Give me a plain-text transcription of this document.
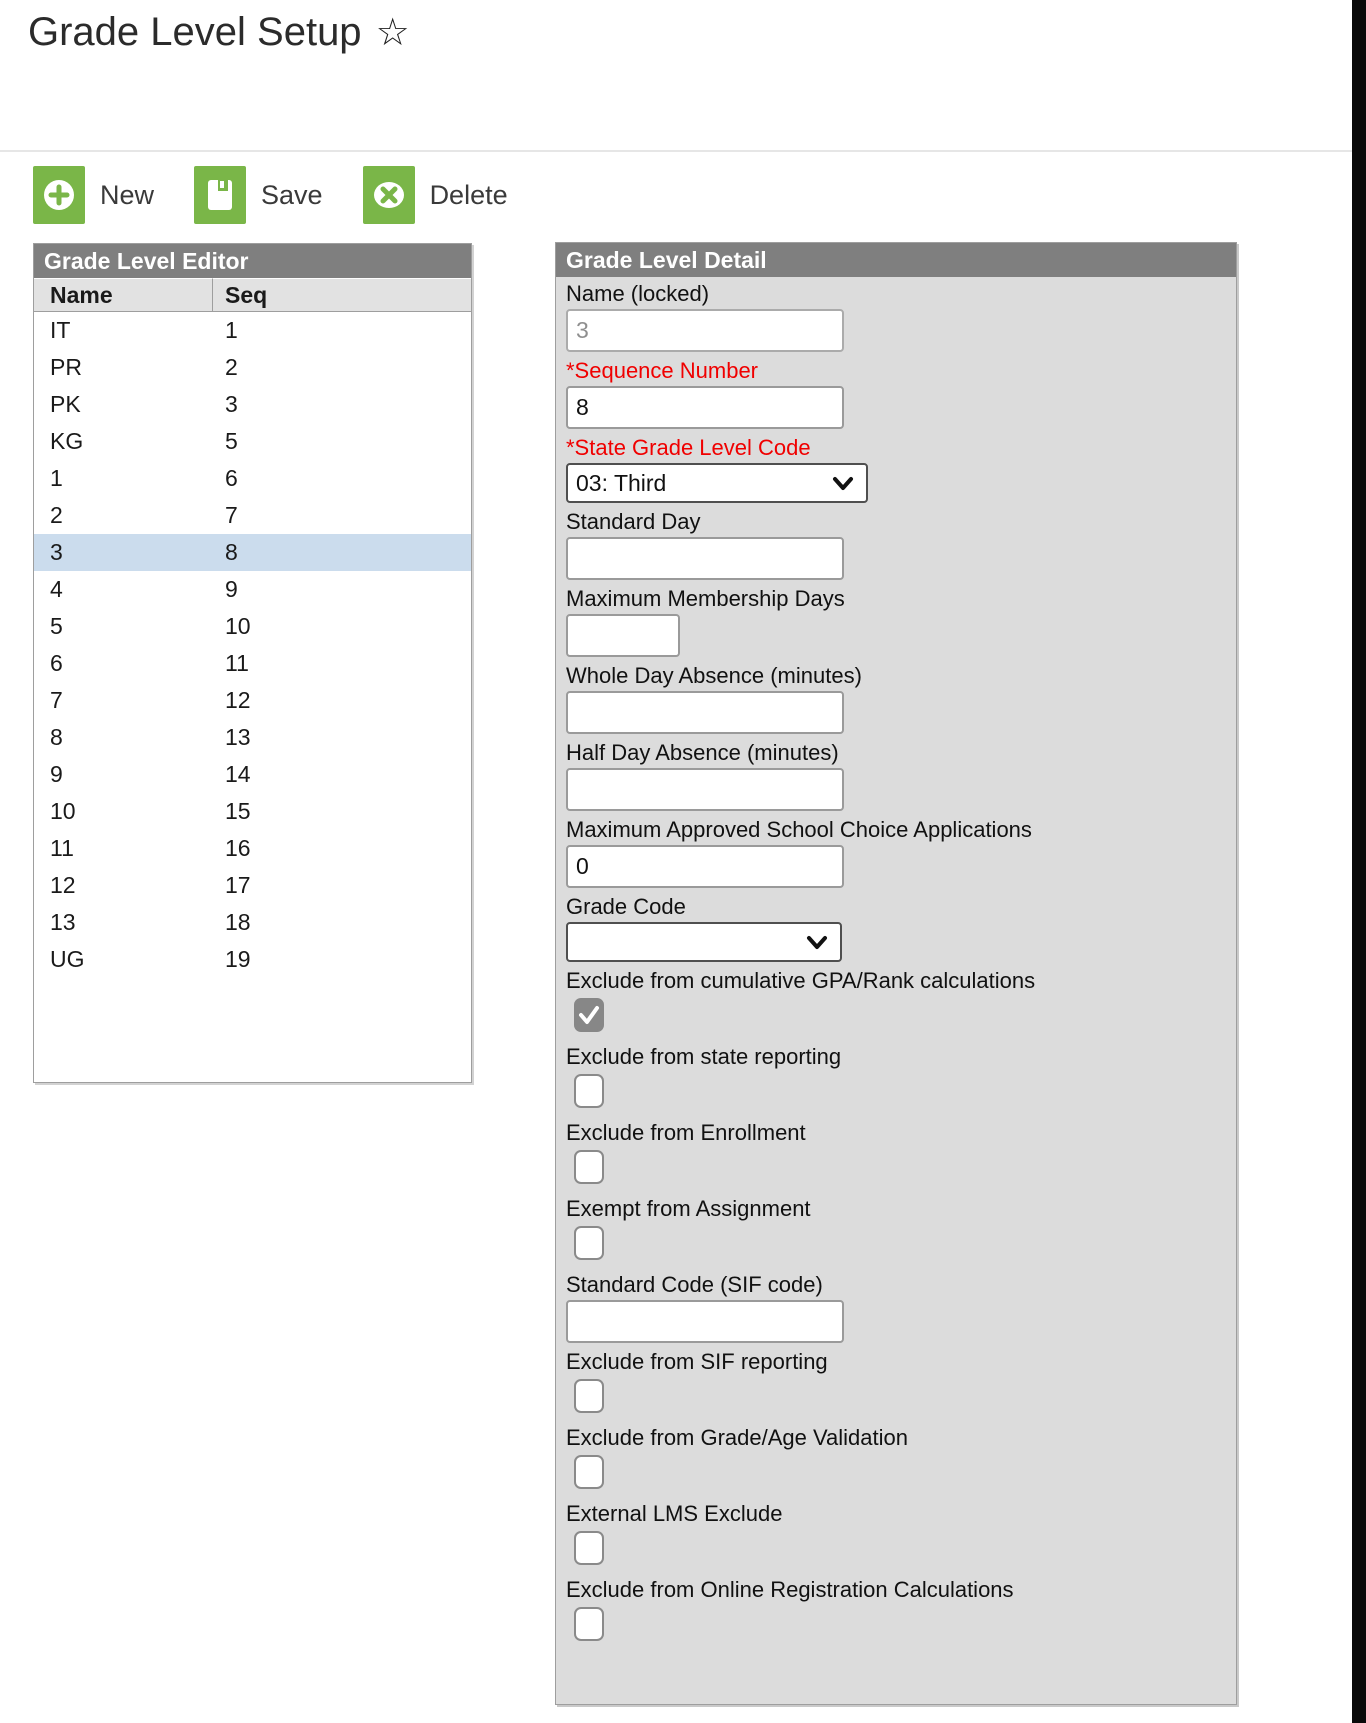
Grade Level Setup ☆
New	Save	Delete
Grade Level Editor
Name	Seq
IT	1
PR	2
PK	3
KG	5
1	6
2	7
3	8
4	9
5	10
6	11
7	12
8	13
9	14
10	15
11	16
12	17
13	18
UG	19
Grade Level Detail
Name (locked)
3
*Sequence Number
8
*State Grade Level Code
03: Third
Standard Day
Maximum Membership Days
Whole Day Absence (minutes)
Half Day Absence (minutes)
Maximum Approved School Choice Applications
0
Grade Code
Exclude from cumulative GPA/Rank calculations
Exclude from state reporting
Exclude from Enrollment
Exempt from Assignment
Standard Code (SIF code)
Exclude from SIF reporting
Exclude from Grade/Age Validation
External LMS Exclude
Exclude from Online Registration Calculations
